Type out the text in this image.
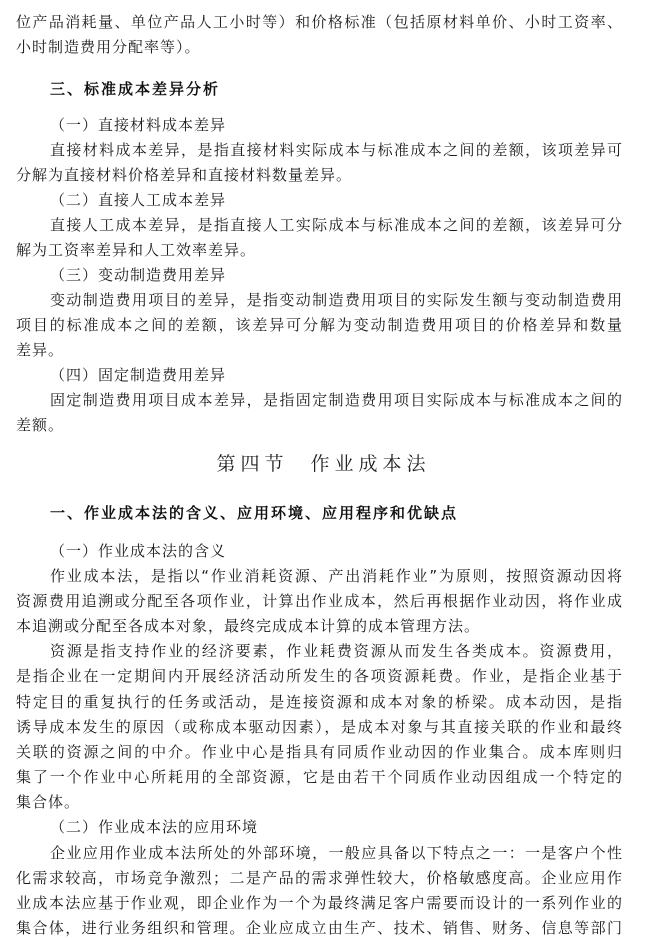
位产品消耗量、单位产品人工小时等）和价格标准（包括原材料单价、小时工资率、
小时制造费用分配率等）。
三、标准成本差异分析
（一）直接材料成本差异
直接材料成本差异，是指直接材料实际成本与标准成本之间的差额，该项差异可
分解为直接材料价格差异和直接材料数量差异。
（二）直接人工成本差异
直接人工成本差异，是指直接人工实际成本与标准成本之间的差额，该差异可分
解为工资率差异和人工效率差异。
（三）变动制造费用差异
变动制造费用项目的差异，是指变动制造费用项目的实际发生额与变动制造费用
项目的标准成本之间的差额，该差异可分解为变动制造费用项目的价格差异和数量
差异。
（四）固定制造费用差异
固定制造费用项目成本差异，是指固定制造费用项目实际成本与标准成本之间的
差额。
第四节 作业成本法
一、作业成本法的含义、应用环境、应用程序和优缺点
（一）作业成本法的含义
作业成本法，是指以“作业消耗资源、产出消耗作业”为原则，按照资源动因将
资源费用追溯或分配至各项作业，计算出作业成本，然后再根据作业动因，将作业成
本追溯或分配至各成本对象，最终完成成本计算的成本管理方法。
资源是指支持作业的经济要素，作业耗费资源从而发生各类成本。资源费用，
是指企业在一定期间内开展经济活动所发生的各项资源耗费。作业，是指企业基于
特定目的重复执行的任务或活动，是连接资源和成本对象的桥梁。成本动因，是指
诱导成本发生的原因（或称成本驱动因素），是成本对象与其直接关联的作业和最终
关联的资源之间的中介。作业中心是指具有同质作业动因的作业集合。成本库则归
集了一个作业中心所耗用的全部资源，它是由若干个同质作业动因组成一个特定的
集合体。
（二）作业成本法的应用环境
企业应用作业成本法所处的外部环境，一般应具备以下特点之一：一是客户个性
化需求较高，市场竞争激烈；二是产品的需求弹性较大，价格敏感度高。企业应用作
业成本法应基于作业观，即企业作为一个为最终满足客户需要而设计的一系列作业的
集合体，进行业务组织和管理。企业应成立由生产、技术、销售、财务、信息等部门
